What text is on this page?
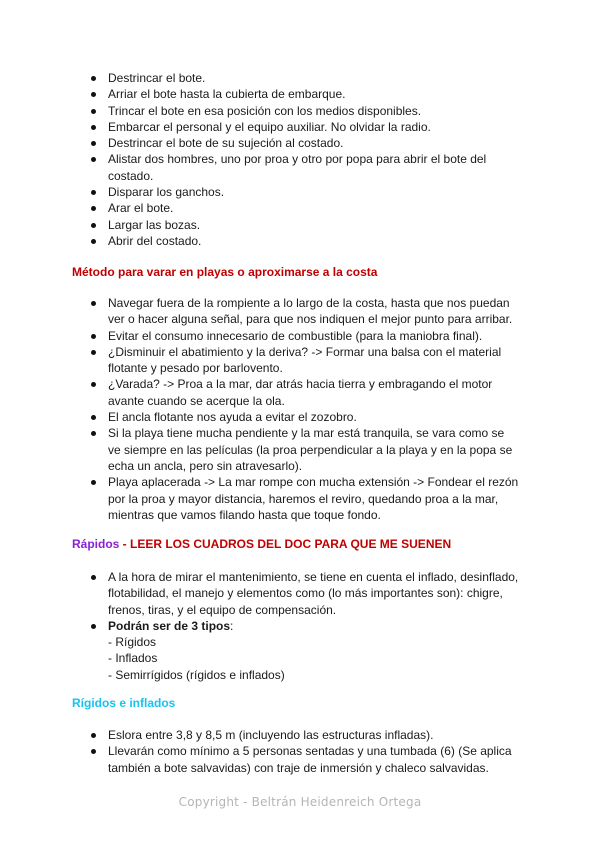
Destrincar el bote.
Arriar el bote hasta la cubierta de embarque.
Trincar el bote en esa posición con los medios disponibles.
Embarcar el personal y el equipo auxiliar. No olvidar la radio.
Destrincar el bote de su sujeción al costado.
Alistar dos hombres, uno por proa y otro por popa para abrir el bote del costado.
Disparar los ganchos.
Arar el bote.
Largar las bozas.
Abrir del costado.
Método para varar en playas o aproximarse a la costa
Navegar fuera de la rompiente a lo largo de la costa, hasta que nos puedan ver o hacer alguna señal, para que nos indiquen el mejor punto para arribar.
Evitar el consumo innecesario de combustible (para la maniobra final).
¿Disminuir el abatimiento y la deriva? -> Formar una balsa con el material flotante y pesado por barlovento.
¿Varada? -> Proa a la mar, dar atrás hacia tierra y embragando el motor avante cuando se acerque la ola.
El ancla flotante nos ayuda a evitar el zozobro.
Si la playa tiene mucha pendiente y la mar está tranquila, se vara como se ve siempre en las películas (la proa perpendicular a la playa y en la popa se echa un ancla, pero sin atravesarlo).
Playa aplacerada -> La mar rompe con mucha extensión -> Fondear el rezón por la proa y mayor distancia, haremos el reviro, quedando proa a la mar, mientras que vamos filando hasta que toque fondo.
Rápidos - LEER LOS CUADROS DEL DOC PARA QUE ME SUENEN
A la hora de mirar el mantenimiento, se tiene en cuenta el inflado, desinflado, flotabilidad, el manejo y elementos como (lo más importantes son): chigre, frenos, tiras, y el equipo de compensación.
Podrán ser de 3 tipos:
- Rígidos
- Inflados
- Semirrígidos (rígidos e inflados)
Rígidos e inflados
Eslora entre 3,8 y 8,5 m (incluyendo las estructuras infladas).
Llevarán como mínimo a 5 personas sentadas y una tumbada (6) (Se aplica también a bote salvavidas) con traje de inmersión y chaleco salvavidas.
Copyright - Beltrán Heidenreich Ortega
